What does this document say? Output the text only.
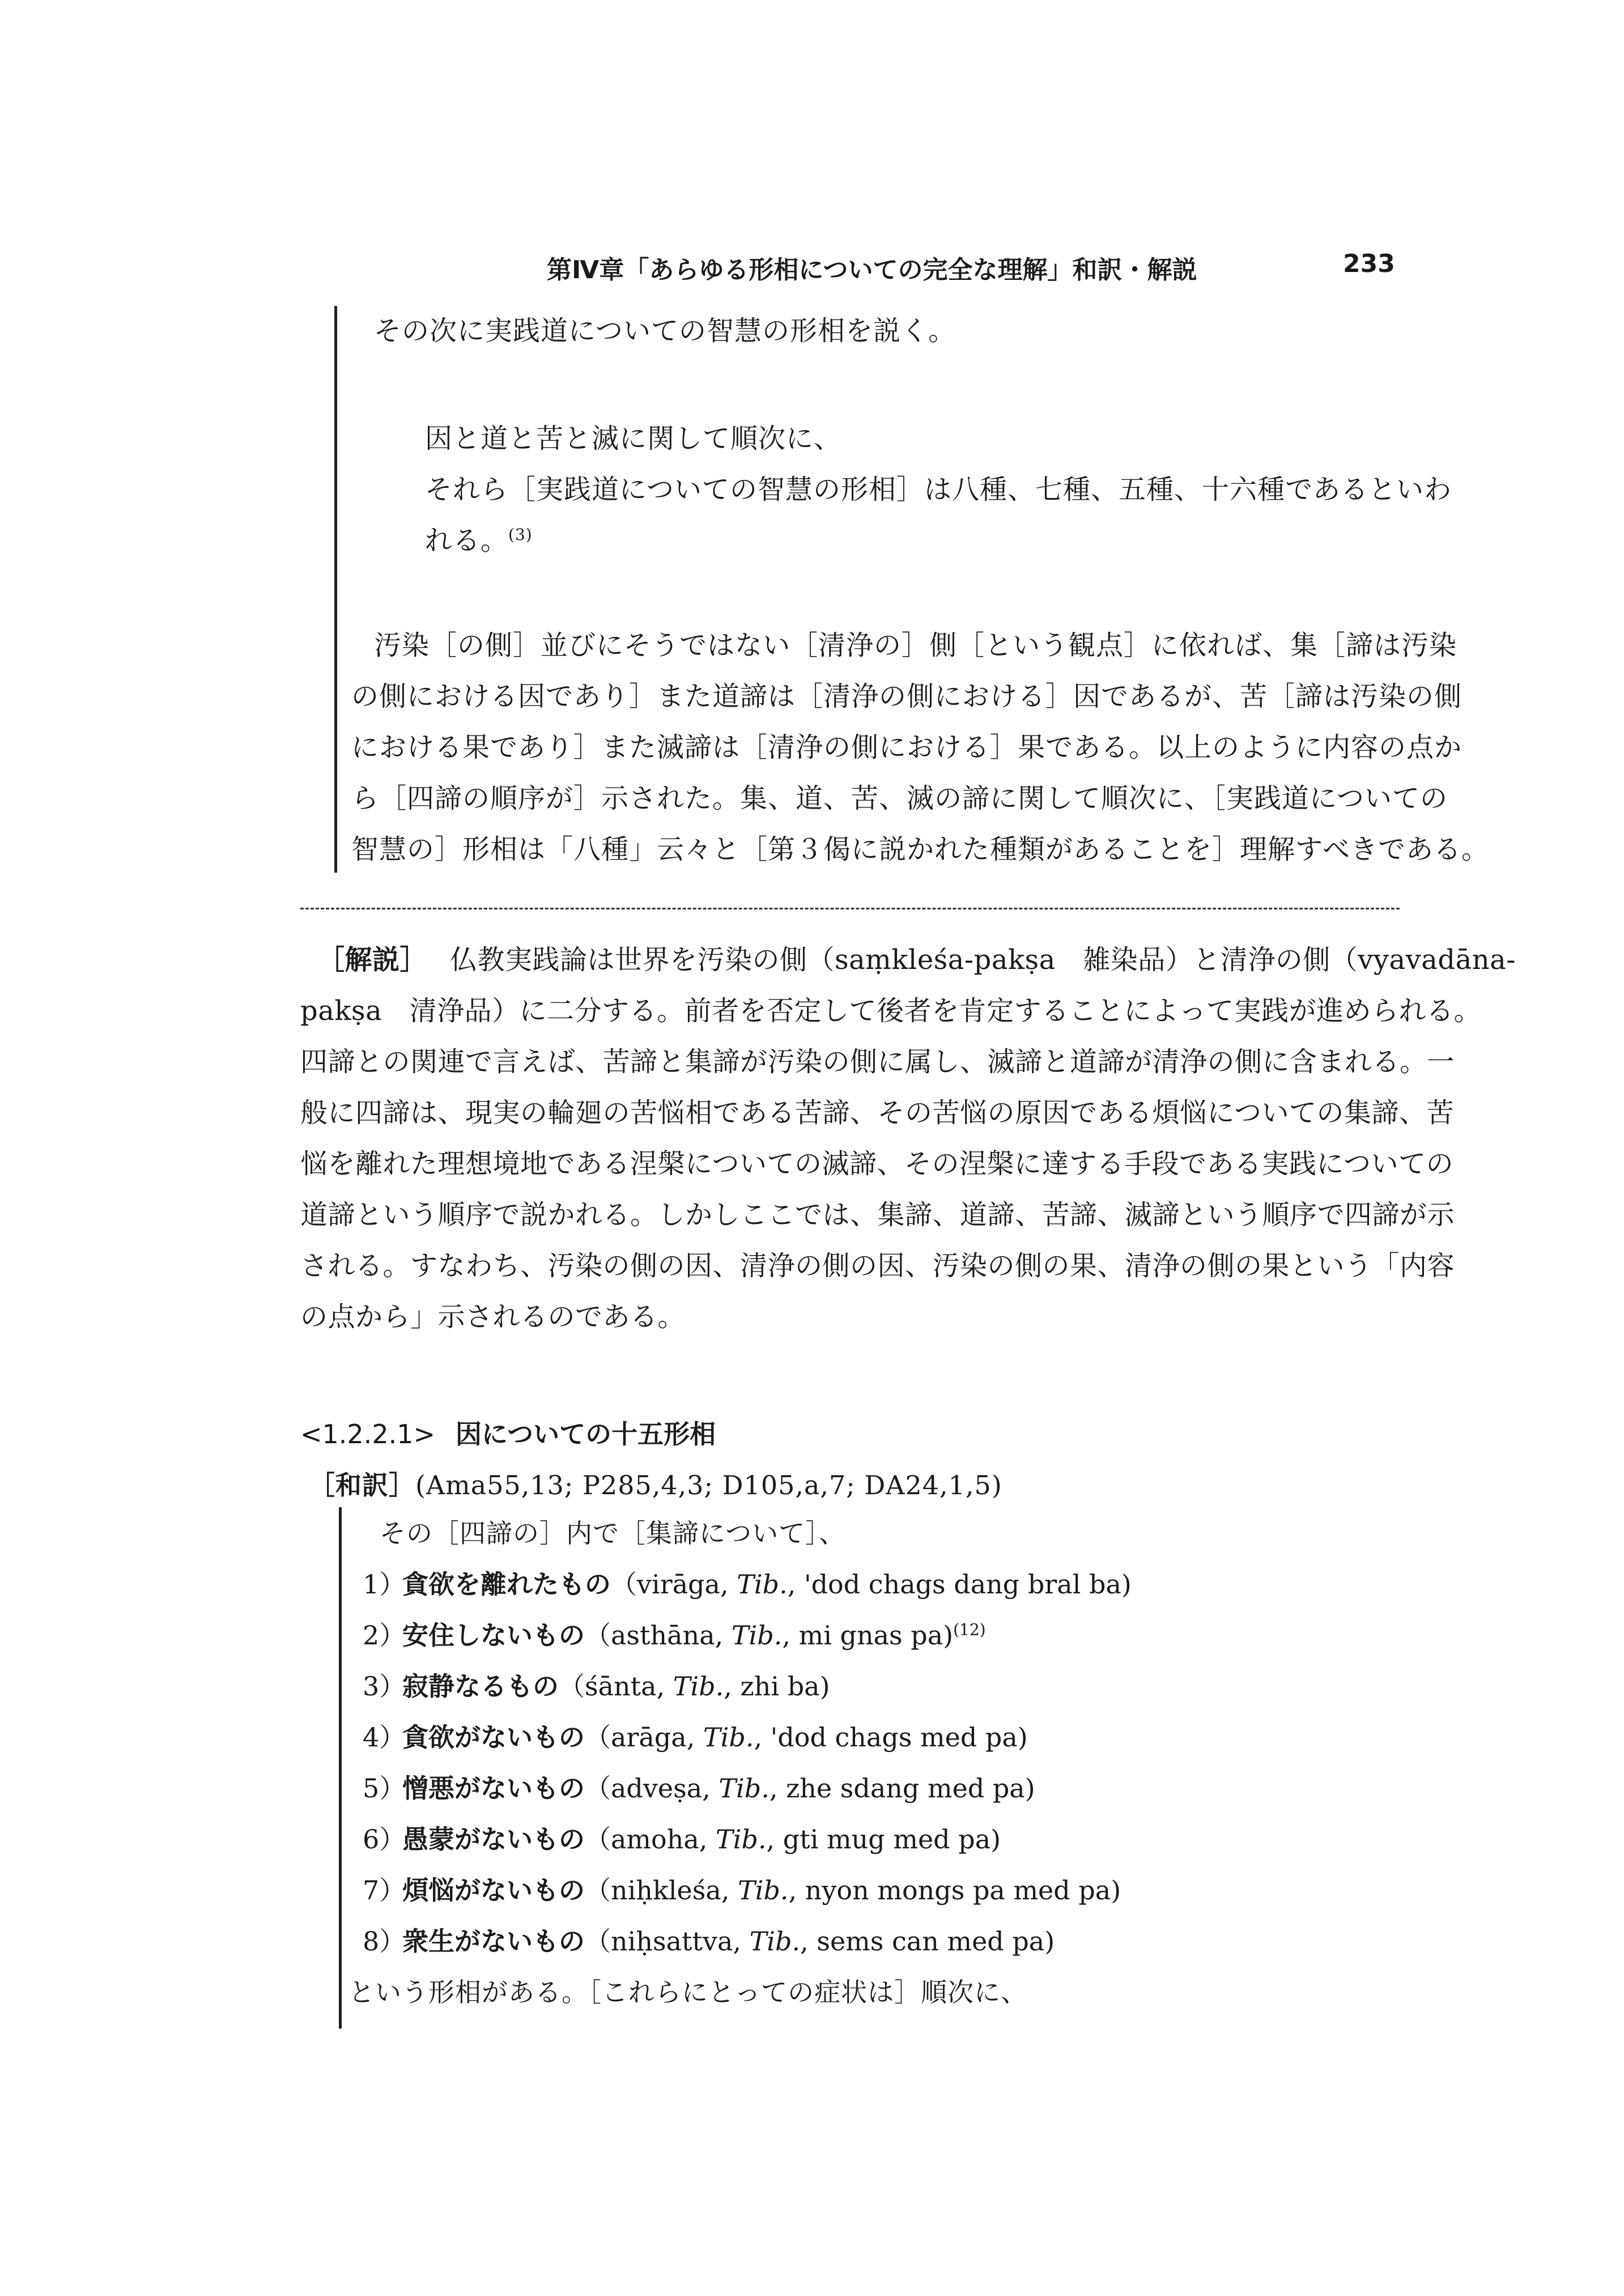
第Ⅳ章「あらゆる形相についての完全な理解」和訳・解説	233
その次に実践道についての智慧の形相を説く。
因と道と苦と滅に関して順次に、
それら［実践道についての智慧の形相］は八種、七種、五種、十六種であるといわ
れる。$^{(3)}$
汚染［の側］並びにそうではない［清浄の］側［という観点］に依れば、集［諦は汚染
の側における因であり］また道諦は［清浄の側における］因であるが、苦［諦は汚染の側
における果であり］また滅諦は［清浄の側における］果である。以上のように内容の点か
ら［四諦の順序が］示された。集、道、苦、滅の諦に関して順次に、［実践道についての
智慧の］形相は「八種」云々と［第３偈に説かれた種類があることを］理解すべきである。
［解説］ 仏教実践論は世界を汚染の側（saṃkleśa-pakṣa　雑染品）と清浄の側（vyavadāna-
pakṣa　清浄品）に二分する。前者を否定して後者を肯定することによって実践が進められる。
四諦との関連で言えば、苦諦と集諦が汚染の側に属し、滅諦と道諦が清浄の側に含まれる。一
般に四諦は、現実の輪廻の苦悩相である苦諦、その苦悩の原因である煩悩についての集諦、苦
悩を離れた理想境地である涅槃についての滅諦、その涅槃に達する手段である実践についての
道諦という順序で説かれる。しかしここでは、集諦、道諦、苦諦、滅諦という順序で四諦が示
される。すなわち、汚染の側の因、清浄の側の因、汚染の側の果、清浄の側の果という「内容
の点から」示されるのである。
<1.2.2.1> 因についての十五形相
［和訳］(Ama55,13; P285,4,3; D105,a,7; DA24,1,5)
その［四諦の］内で［集諦について］、
1）貪欲を離れたもの（virāga, Tib., 'dod chags dang bral ba)
2）安住しないもの（asthāna, Tib., mi gnas pa)$^{(12)}$
3）寂静なるもの（śānta, Tib., zhi ba)
4）貪欲がないもの（arāga, Tib., 'dod chags med pa)
5）憎悪がないもの（adveṣa, Tib., zhe sdang med pa)
6）愚蒙がないもの（amoha, Tib., gti mug med pa)
7）煩悩がないもの（niḥkleśa, Tib., nyon mongs pa med pa)
8）衆生がないもの（niḥsattva, Tib., sems can med pa)
という形相がある。［これらにとっての症状は］順次に、
